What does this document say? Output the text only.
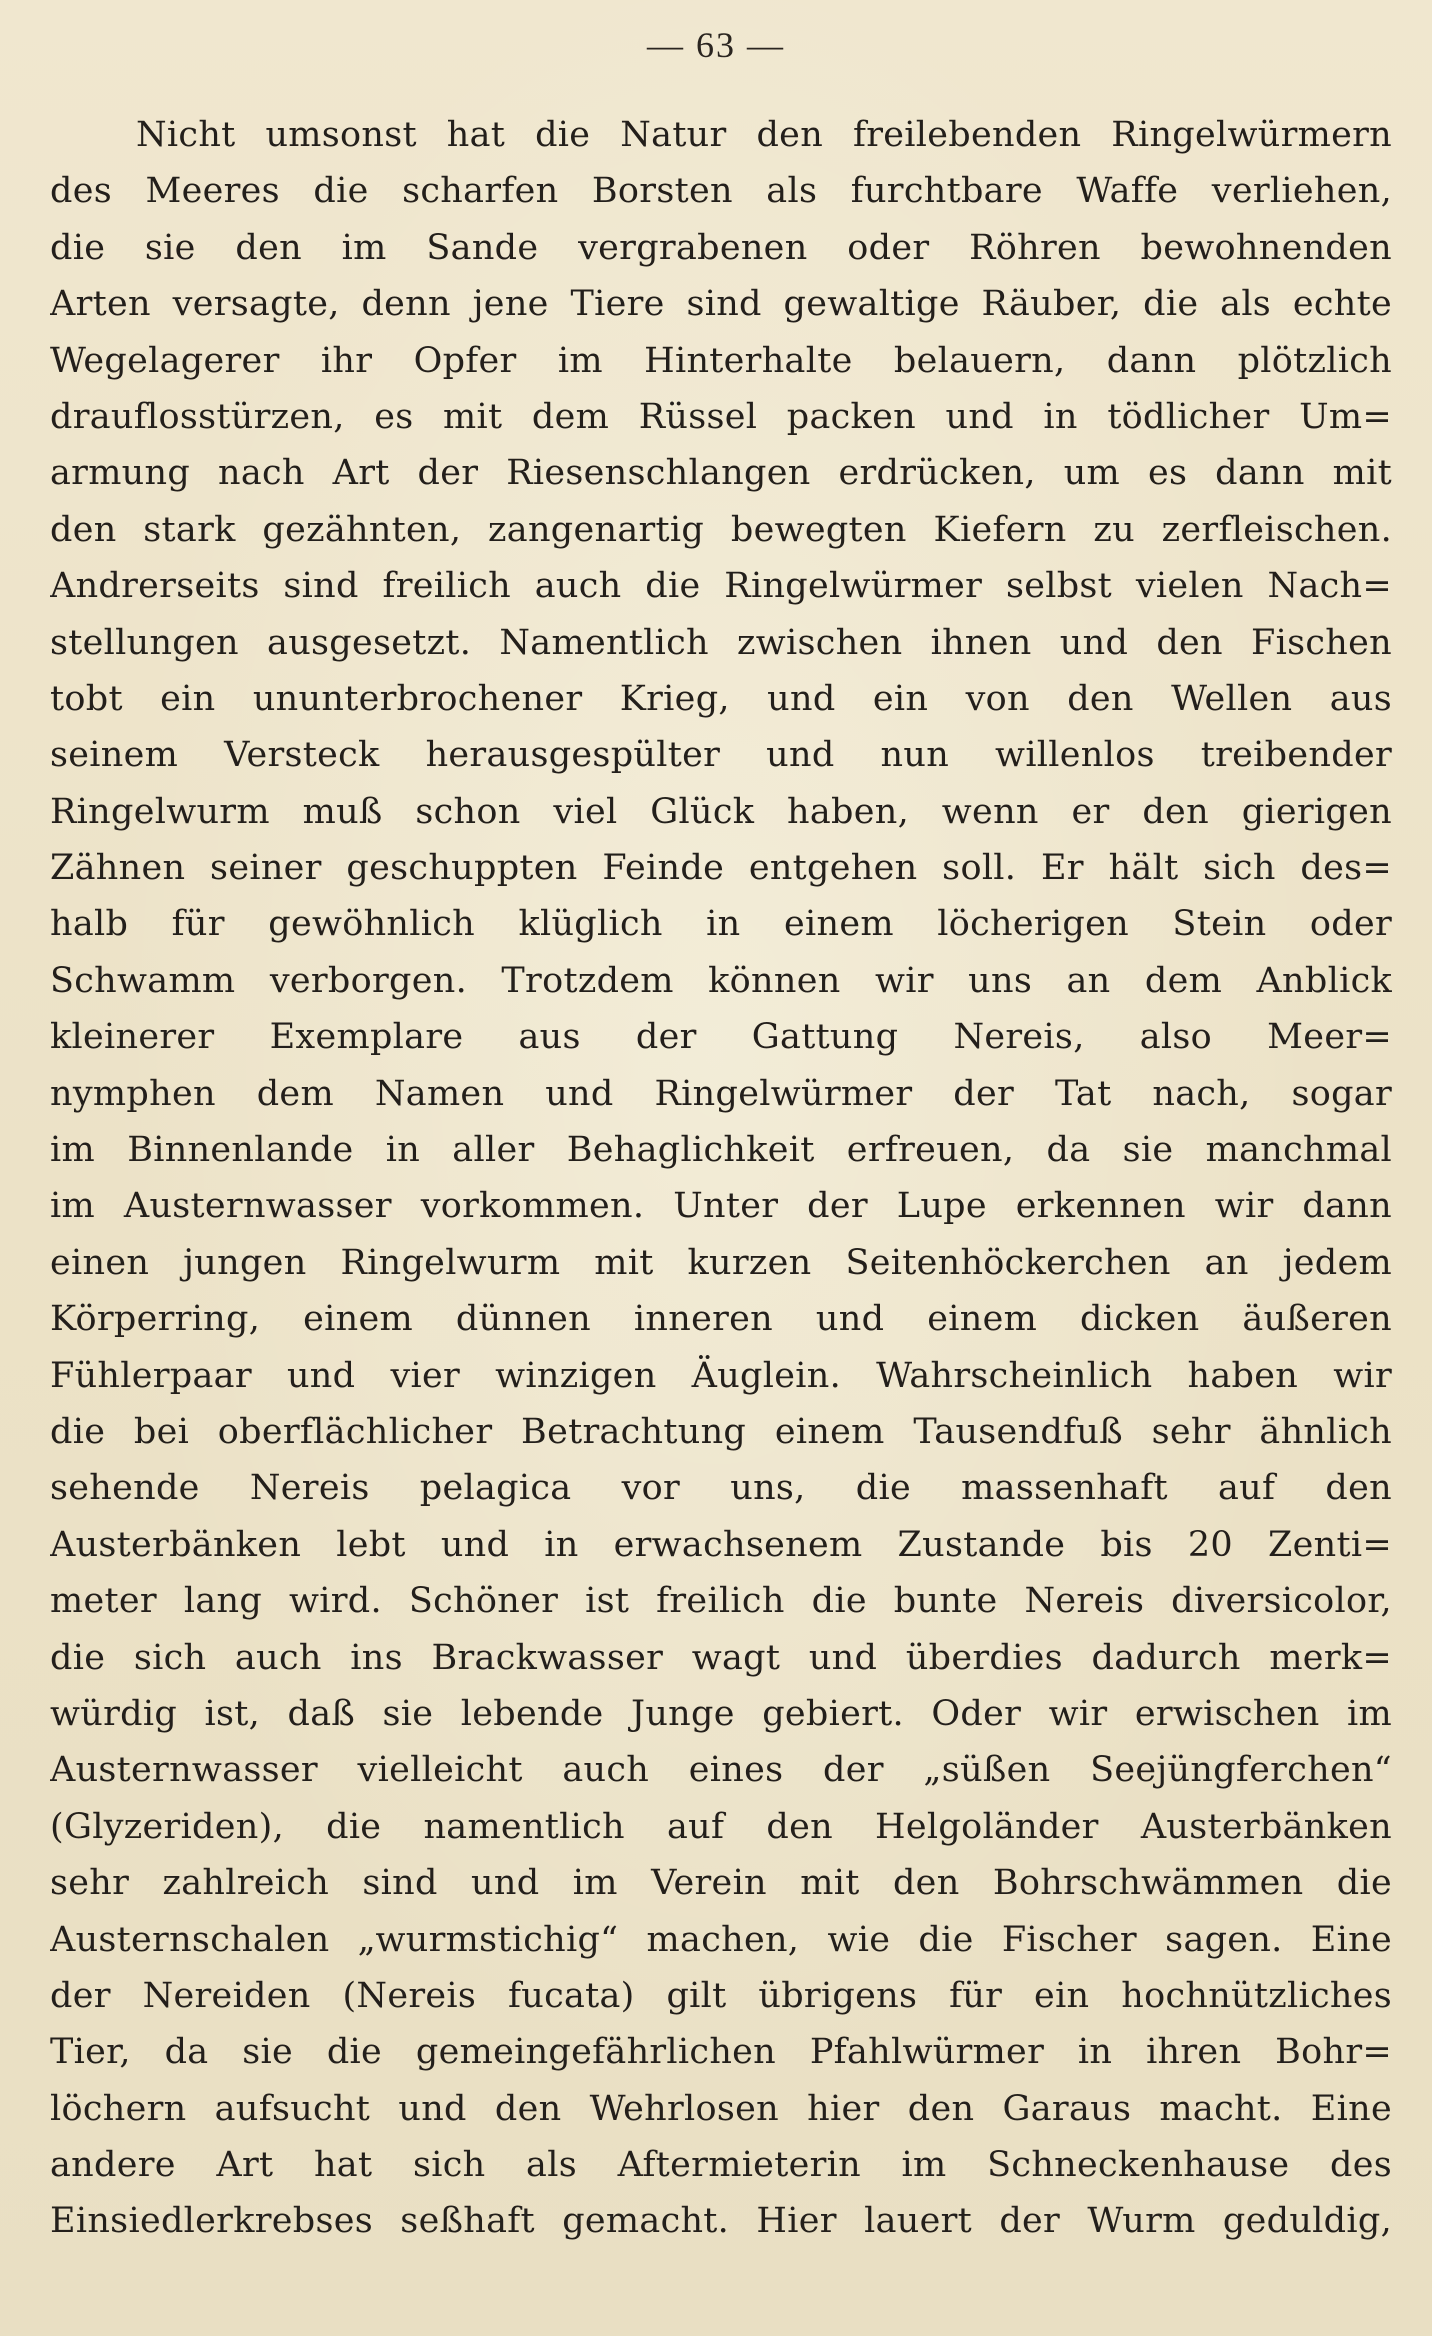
— 63 —
Nicht umsonst hat die Natur den freilebenden Ringelwürmern
des Meeres die scharfen Borsten als furchtbare Waffe verliehen,
die sie den im Sande vergrabenen oder Röhren bewohnenden
Arten versagte, denn jene Tiere sind gewaltige Räuber, die als echte
Wegelagerer ihr Opfer im Hinterhalte belauern, dann plötzlich
drauflosstürzen, es mit dem Rüssel packen und in tödlicher Um=
armung nach Art der Riesenschlangen erdrücken, um es dann mit
den stark gezähnten, zangenartig bewegten Kiefern zu zerfleischen.
Andrerseits sind freilich auch die Ringelwürmer selbst vielen Nach=
stellungen ausgesetzt. Namentlich zwischen ihnen und den Fischen
tobt ein ununterbrochener Krieg, und ein von den Wellen aus
seinem Versteck herausgespülter und nun willenlos treibender
Ringelwurm muß schon viel Glück haben, wenn er den gierigen
Zähnen seiner geschuppten Feinde entgehen soll. Er hält sich des=
halb für gewöhnlich klüglich in einem löcherigen Stein oder
Schwamm verborgen. Trotzdem können wir uns an dem Anblick
kleinerer Exemplare aus der Gattung Nereis, also Meer=
nymphen dem Namen und Ringelwürmer der Tat nach, sogar
im Binnenlande in aller Behaglichkeit erfreuen, da sie manchmal
im Austernwasser vorkommen. Unter der Lupe erkennen wir dann
einen jungen Ringelwurm mit kurzen Seitenhöckerchen an jedem
Körperring, einem dünnen inneren und einem dicken äußeren
Fühlerpaar und vier winzigen Äuglein. Wahrscheinlich haben wir
die bei oberflächlicher Betrachtung einem Tausendfuß sehr ähnlich
sehende Nereis pelagica vor uns, die massenhaft auf den
Austerbänken lebt und in erwachsenem Zustande bis 20 Zenti=
meter lang wird. Schöner ist freilich die bunte Nereis diversicolor,
die sich auch ins Brackwasser wagt und überdies dadurch merk=
würdig ist, daß sie lebende Junge gebiert. Oder wir erwischen im
Austernwasser vielleicht auch eines der „süßen Seejüngferchen“
(Glyzeriden), die namentlich auf den Helgoländer Austerbänken
sehr zahlreich sind und im Verein mit den Bohrschwämmen die
Austernschalen „wurmstichig“ machen, wie die Fischer sagen. Eine
der Nereiden (Nereis fucata) gilt übrigens für ein hochnützliches
Tier, da sie die gemeingefährlichen Pfahlwürmer in ihren Bohr=
löchern aufsucht und den Wehrlosen hier den Garaus macht. Eine
andere Art hat sich als Aftermieterin im Schneckenhause des
Einsiedlerkrebses seßhaft gemacht. Hier lauert der Wurm geduldig,
